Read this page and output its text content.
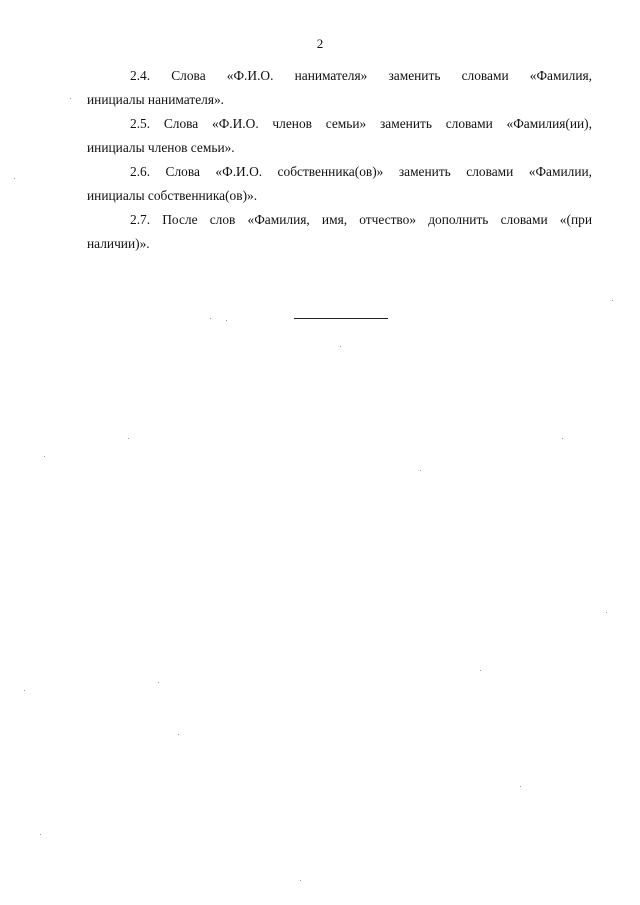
2

2.4. Слова «Ф.И.О. нанимателя» заменить словами «Фамилия,
инициалы нанимателя».

2.5. Слова «Ф.И.О. членов семьи» заменить словами «Фамилия(ии),
инициалы членов семьи».

2.6. Слова «Ф.И.О. собственника(ов)» заменить словами «Фамилии,
инициалы собственника(ов)».

2.7. После слов «Фамилия, имя, отчество» дополнить словами «(при
наличии)».
